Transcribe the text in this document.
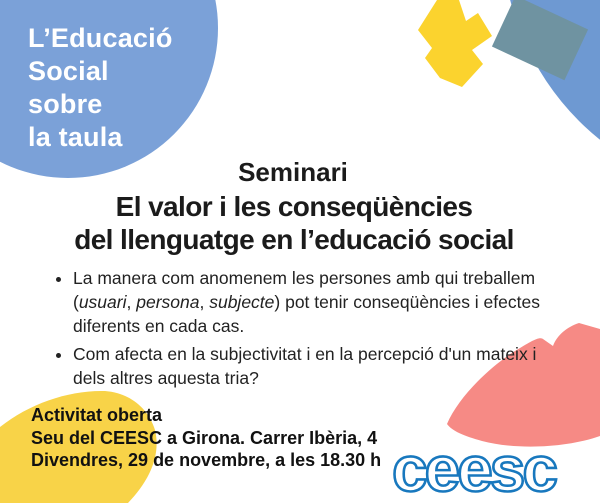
L’Educació
Social
sobre
la taula
Seminari
El valor i les conseqüències
del llenguatge en l’educació social
• La manera com anomenem les persones amb qui treballem (usuari, persona, subjecte) pot tenir conseqüències i efectes diferents en cada cas.
• Com afecta en la subjectivitat i en la percepció d'un mateix i dels altres aquesta tria?
Activitat oberta
Seu del CEESC a Girona. Carrer Ibèria, 4
Divendres, 29 de novembre, a les 18.30 h ceesc
